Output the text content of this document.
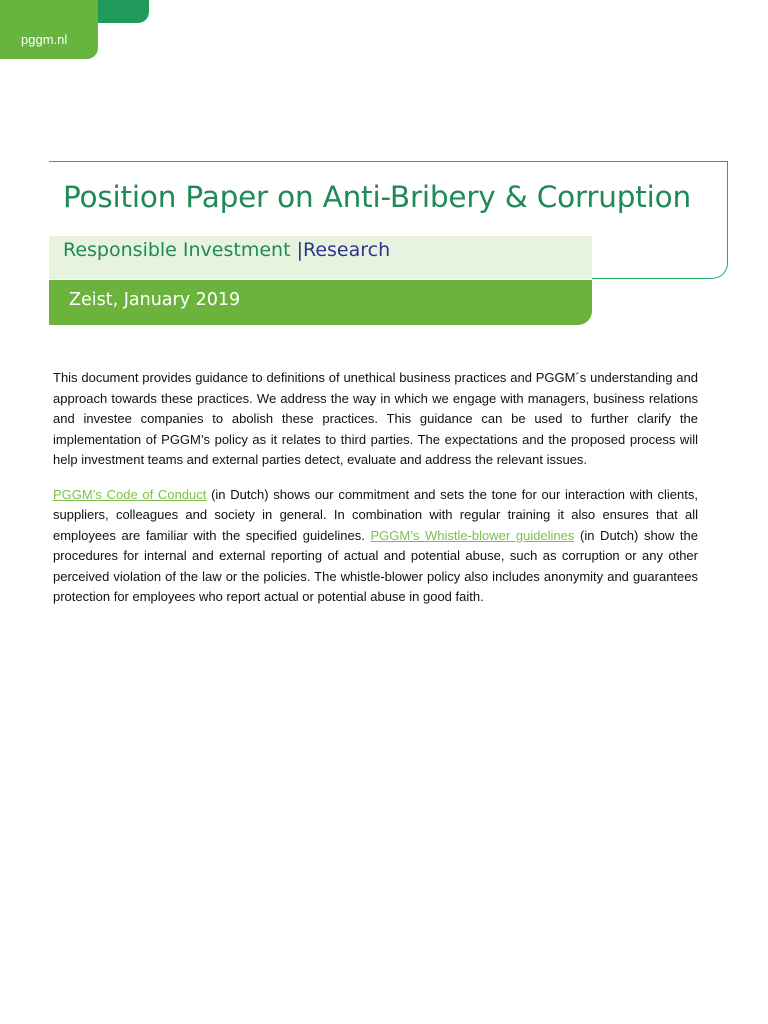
pggm.nl
Position Paper on Anti-Bribery & Corruption
Responsible Investment |Research
Zeist, January 2019

This document provides guidance to definitions of unethical business practices and PGGM´s understanding and approach towards these practices. We address the way in which we engage with managers, business relations and investee companies to abolish these practices. This guidance can be used to further clarify the implementation of PGGM’s policy as it relates to third parties. The expectations and the proposed process will help investment teams and external parties detect, evaluate and address the relevant issues.

PGGM’s Code of Conduct (in Dutch) shows our commitment and sets the tone for our interaction with clients, suppliers, colleagues and society in general. In combination with regular training it also ensures that all employees are familiar with the specified guidelines. PGGM’s Whistle-blower guidelines (in Dutch) show the procedures for internal and external reporting of actual and potential abuse, such as corruption or any other perceived violation of the law or the policies. The whistle-blower policy also includes anonymity and guarantees protection for employees who report actual or potential abuse in good faith.
